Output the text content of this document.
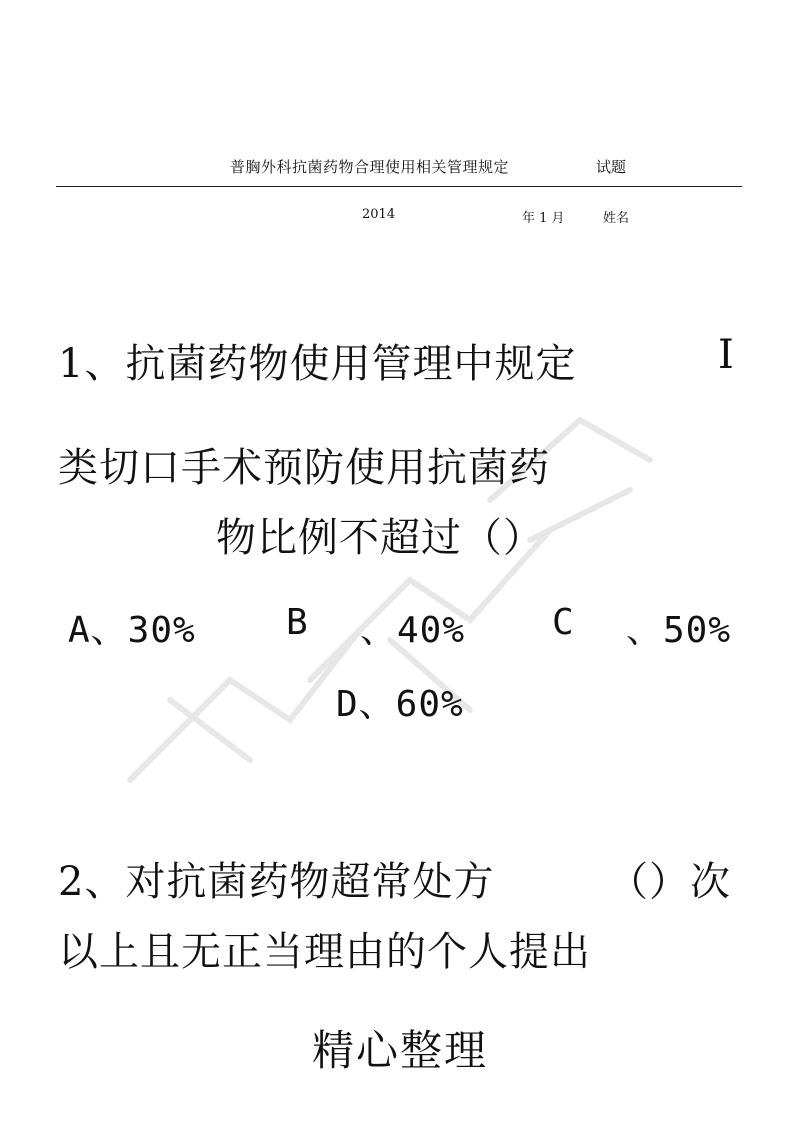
普胸外科抗菌药物合理使用相关管理规定	试题
2014	年 1 月	姓名
1、抗菌药物使用管理中规定	I
类切口手术预防使用抗菌药
物比例不超过（）
A、30%	B 、40% C 、50%
D、60%
2、对抗菌药物超常处方	（）次
以上且无正当理由的个人提出
精心整理
